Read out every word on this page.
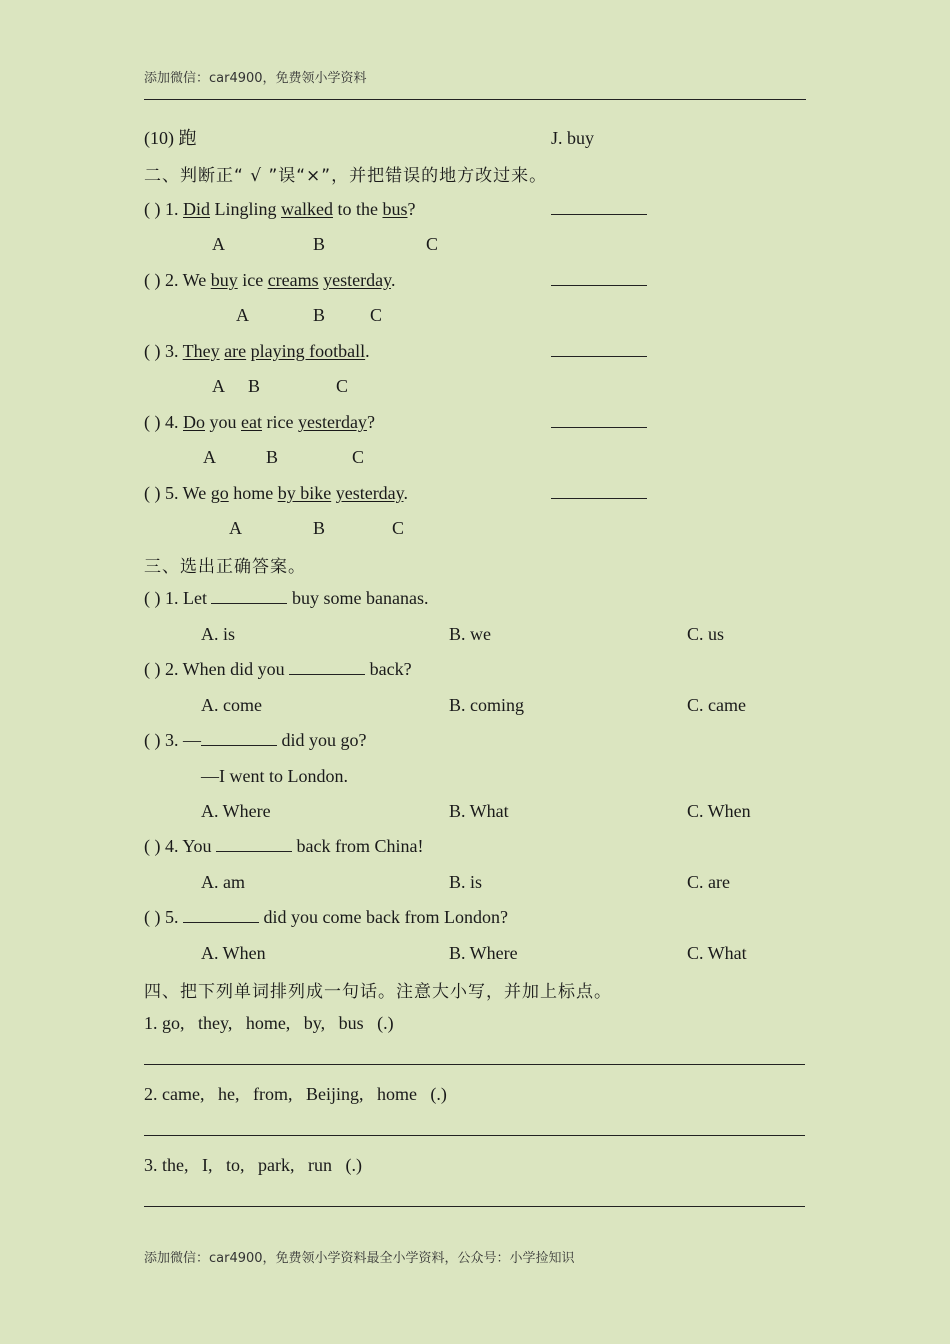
添加微信：car4900，免费领小学资料
(10) 跑	J. buy
二、判断正“ √ ”误“×”，并把错误的地方改过来。
( ) 1. Did Lingling walked to the bus?
A	B	C
( ) 2. We buy ice creams yesterday.
A	B C
( ) 3. They are playing football.
A B	C
( ) 4. Do you eat rice yesterday?
A	B	C
( ) 5. We go home by bike yesterday.
A	B	C
三、选出正确答案。
( ) 1. Let	buy some bananas.
A. is	B. we	C. us
( ) 2. When did you	back?
A. come	B. coming	C. came
( ) 3. —	did you go?
—I went to London.
A. Where	B. What	C. When
( ) 4. You	back from China!
A. am	B. is	C. are
( ) 5.	did you come back from London?
A. When	B. Where	C. What
四、把下列单词排列成一句话。注意大小写，并加上标点。
1. go,   they,   home,   by,   bus   (.)
2. came,   he,   from,   Beijing,   home   (.)
3. the,   I,   to,   park,   run   (.)
添加微信：car4900，免费领小学资料最全小学资料，公众号：小学捡知识
